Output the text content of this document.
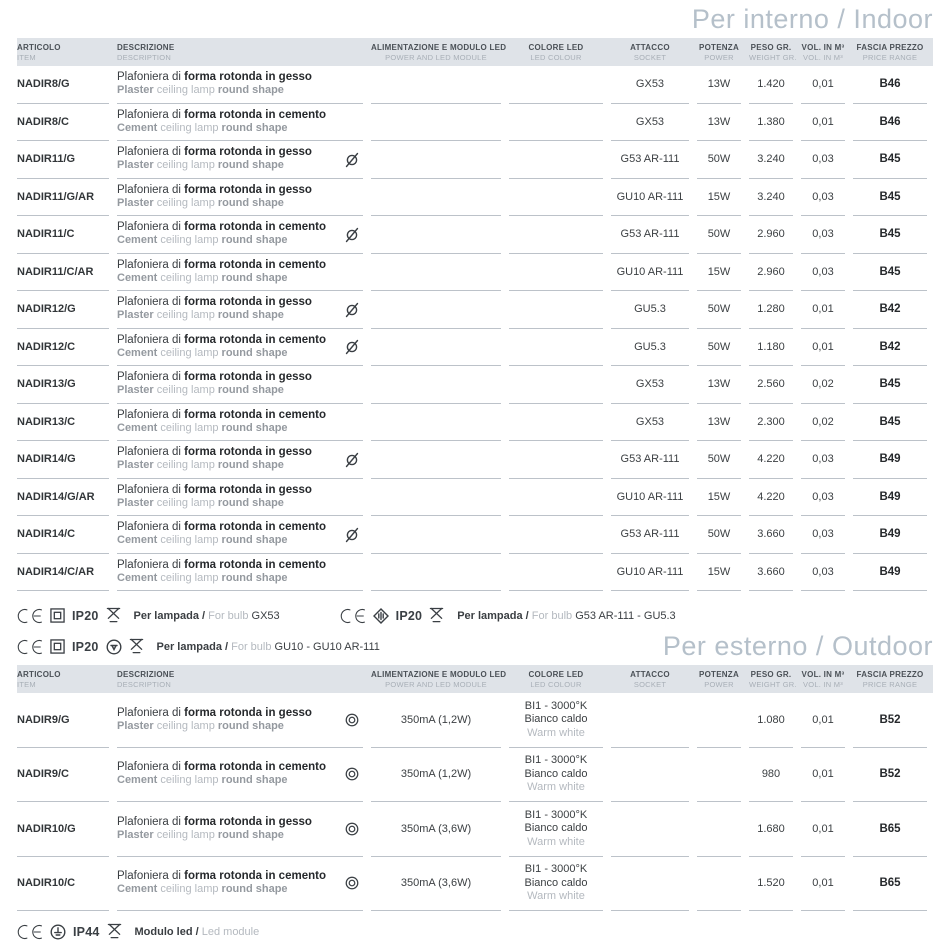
Per interno / Indoor
ARTICOLO
ITEM
DESCRIZIONE
DESCRIPTION
ALIMENTAZIONE E MODULO LED
POWER AND LED MODULE
COLORE LED
LED COLOUR
ATTACCO
SOCKET
POTENZA
POWER
PESO GR.
WEIGHT GR.
VOL. IN M³
VOL. IN M³
FASCIA PREZZO
PRICE RANGE
NADIR8/G
Plafoniera di forma rotonda in gesso
Plaster ceiling lamp round shape	GX53	13W	1.420	0,01	B46
NADIR8/C
Plafoniera di forma rotonda in cemento
Cement ceiling lamp round shape	GX53	13W	1.380	0,01	B46
NADIR11/G
Plafoniera di forma rotonda in gesso
Plaster ceiling lamp round shape	G53 AR-111	50W	3.240	0,03	B45
NADIR11/G/AR
Plafoniera di forma rotonda in gesso
Plaster ceiling lamp round shape	GU10 AR-111	15W	3.240	0,03	B45
NADIR11/C
Plafoniera di forma rotonda in cemento
Cement ceiling lamp round shape	G53 AR-111	50W	2.960	0,03	B45
NADIR11/C/AR
Plafoniera di forma rotonda in cemento
Cement ceiling lamp round shape	GU10 AR-111	15W	2.960	0,03	B45
NADIR12/G
Plafoniera di forma rotonda in gesso
Plaster ceiling lamp round shape	GU5.3	50W	1.280	0,01	B42
NADIR12/C
Plafoniera di forma rotonda in cemento
Cement ceiling lamp round shape	GU5.3	50W	1.180	0,01	B42
NADIR13/G
Plafoniera di forma rotonda in gesso
Plaster ceiling lamp round shape	GX53	13W	2.560	0,02	B45
NADIR13/C
Plafoniera di forma rotonda in cemento
Cement ceiling lamp round shape	GX53	13W	2.300	0,02	B45
NADIR14/G
Plafoniera di forma rotonda in gesso
Plaster ceiling lamp round shape	G53 AR-111	50W	4.220	0,03	B49
NADIR14/G/AR
Plafoniera di forma rotonda in gesso
Plaster ceiling lamp round shape	GU10 AR-111	15W	4.220	0,03	B49
NADIR14/C
Plafoniera di forma rotonda in cemento
Cement ceiling lamp round shape	G53 AR-111	50W	3.660	0,03	B49
NADIR14/C/AR
Plafoniera di forma rotonda in cemento
Cement ceiling lamp round shape	GU10 AR-111	15W	3.660	0,03	B49
IP20	Per lampada / For bulb GX53	IP20	Per lampada / For bulb G53 AR-111 - GU5.3
IP20	Per lampada / For bulb GU10 - GU10 AR-111	Per esterno / Outdoor
ARTICOLO
ITEM
DESCRIZIONE
DESCRIPTION
ALIMENTAZIONE E MODULO LED
POWER AND LED MODULE
COLORE LED
LED COLOUR
ATTACCO
SOCKET
POTENZA
POWER
PESO GR.
WEIGHT GR.
VOL. IN M³
VOL. IN M³
FASCIA PREZZO
PRICE RANGE
NADIR9/G
Plafoniera di forma rotonda in gesso
Plaster ceiling lamp round shape	350mA (1,2W)
BI1 - 3000°K
Bianco caldo
Warm white
1.080	0,01	B52
NADIR9/C
Plafoniera di forma rotonda in cemento
Cement ceiling lamp round shape	350mA (1,2W)
BI1 - 3000°K
Bianco caldo
Warm white
980	0,01	B52
NADIR10/G
Plafoniera di forma rotonda in gesso
Plaster ceiling lamp round shape	350mA (3,6W)
BI1 - 3000°K
Bianco caldo
Warm white
1.680	0,01	B65
NADIR10/C
Plafoniera di forma rotonda in cemento
Cement ceiling lamp round shape	350mA (3,6W)
BI1 - 3000°K
Bianco caldo
Warm white
1.520	0,01	B65
IP44	Modulo led / Led module
